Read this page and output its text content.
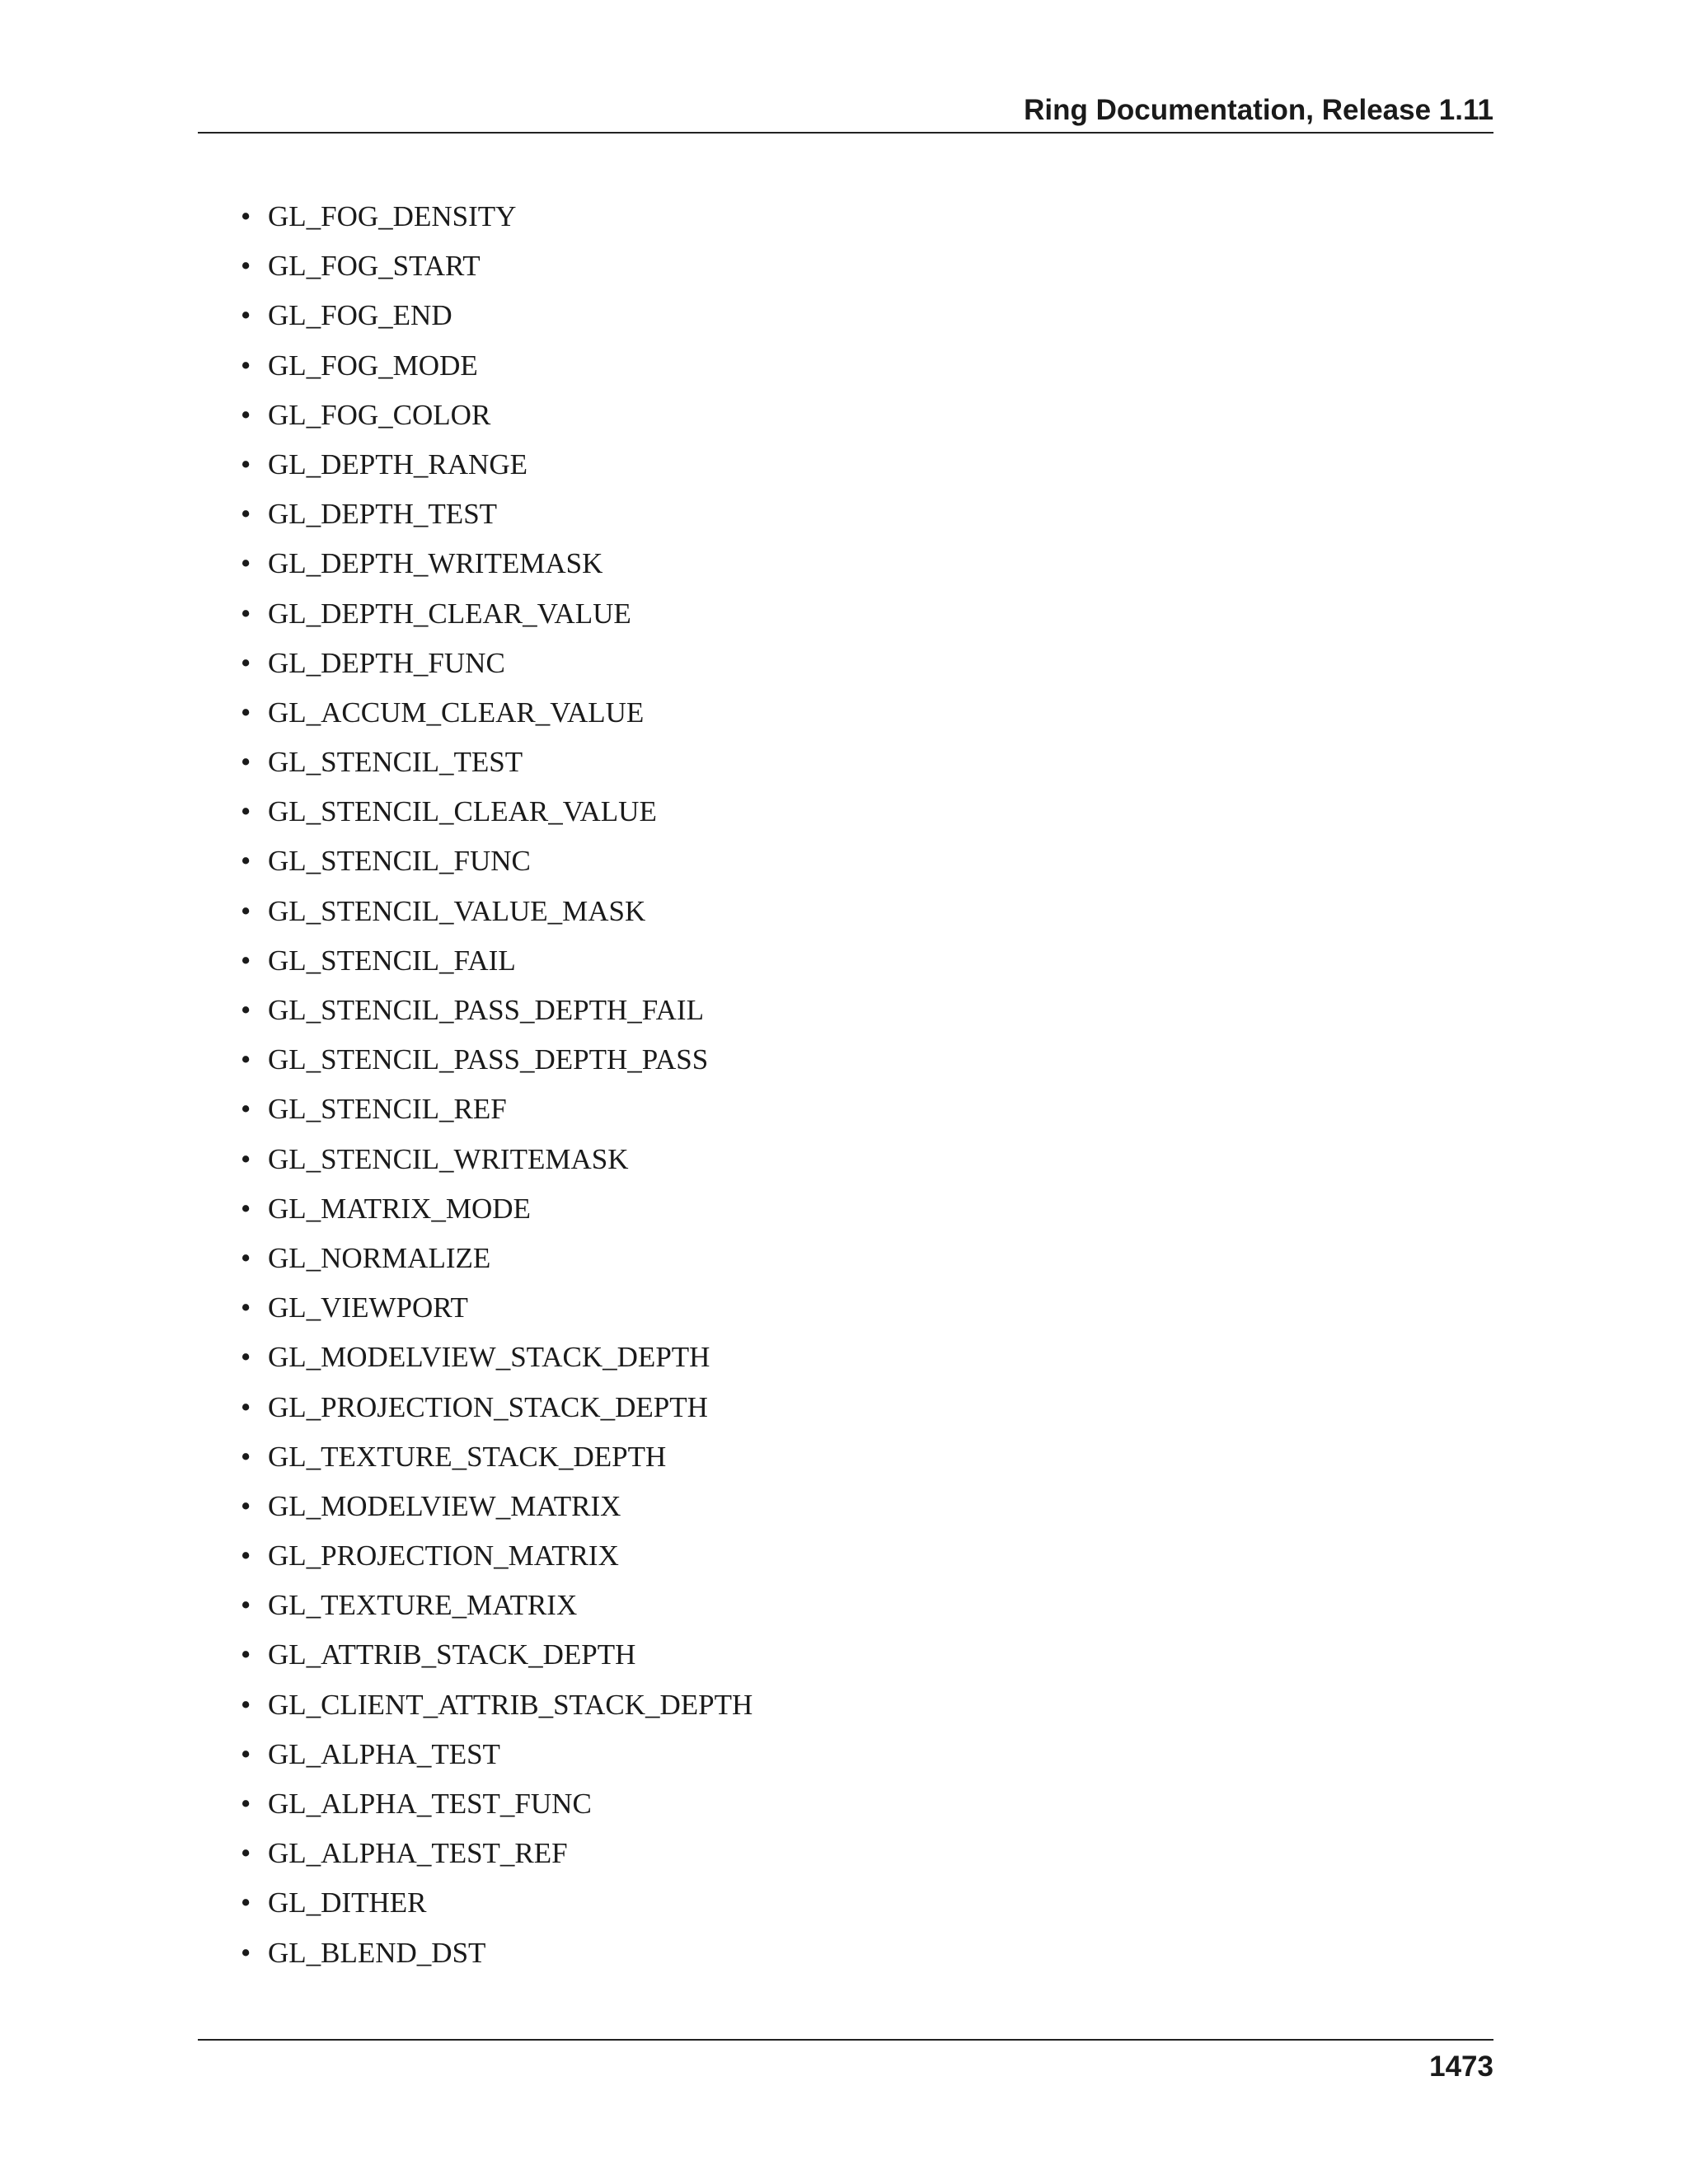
Ring Documentation, Release 1.11
• GL_FOG_DENSITY
• GL_FOG_START
• GL_FOG_END
• GL_FOG_MODE
• GL_FOG_COLOR
• GL_DEPTH_RANGE
• GL_DEPTH_TEST
• GL_DEPTH_WRITEMASK
• GL_DEPTH_CLEAR_VALUE
• GL_DEPTH_FUNC
• GL_ACCUM_CLEAR_VALUE
• GL_STENCIL_TEST
• GL_STENCIL_CLEAR_VALUE
• GL_STENCIL_FUNC
• GL_STENCIL_VALUE_MASK
• GL_STENCIL_FAIL
• GL_STENCIL_PASS_DEPTH_FAIL
• GL_STENCIL_PASS_DEPTH_PASS
• GL_STENCIL_REF
• GL_STENCIL_WRITEMASK
• GL_MATRIX_MODE
• GL_NORMALIZE
• GL_VIEWPORT
• GL_MODELVIEW_STACK_DEPTH
• GL_PROJECTION_STACK_DEPTH
• GL_TEXTURE_STACK_DEPTH
• GL_MODELVIEW_MATRIX
• GL_PROJECTION_MATRIX
• GL_TEXTURE_MATRIX
• GL_ATTRIB_STACK_DEPTH
• GL_CLIENT_ATTRIB_STACK_DEPTH
• GL_ALPHA_TEST
• GL_ALPHA_TEST_FUNC
• GL_ALPHA_TEST_REF
• GL_DITHER
• GL_BLEND_DST
1473
